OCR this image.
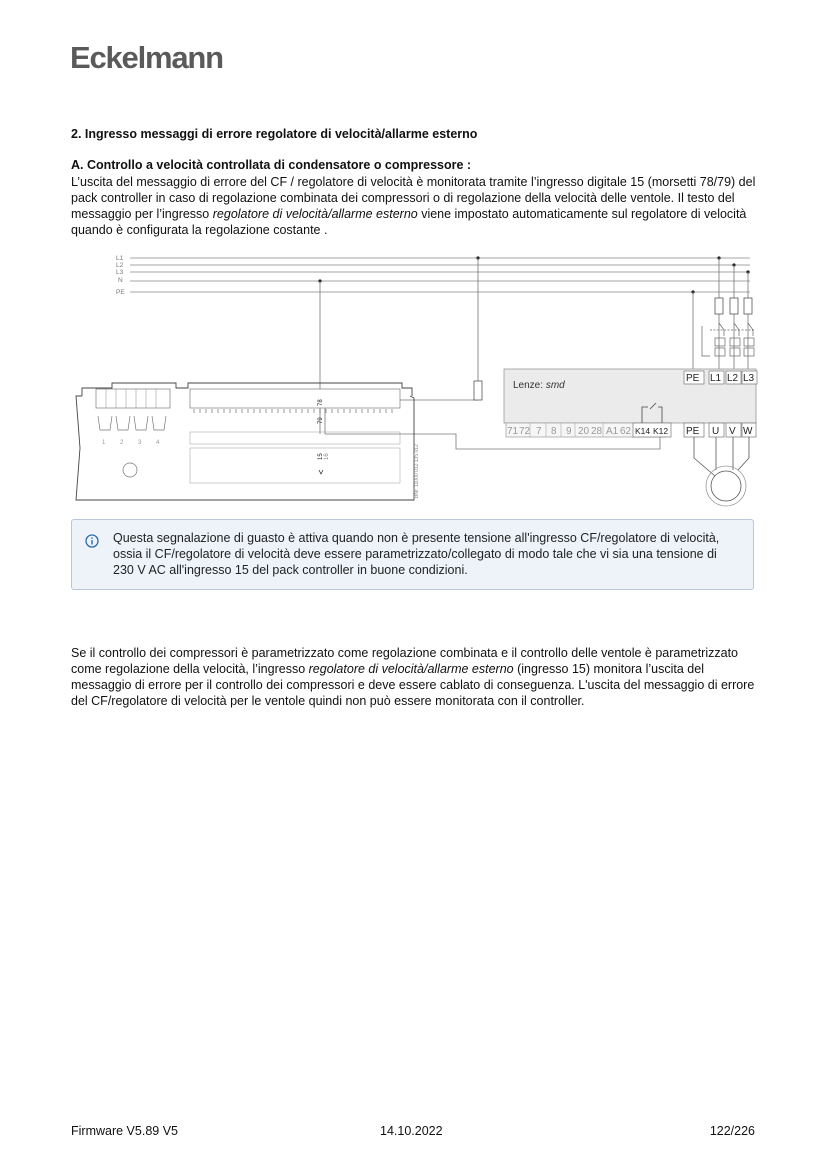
Eckelmann
2. Ingresso messaggi di errore regolatore di velocità/allarme esterno
A. Controllo a velocità controllata di condensatore o compressore :
L’uscita del messaggio di errore del CF / regolatore di velocità è monitorata tramite l’ingresso digitale 15 (morsetti 78/79) del pack controller in caso di regolazione combinata dei compressori o di regolazione della velocità delle ventole. Il testo del messaggio per l’ingresso regolatore di velocità/allarme esterno viene impostato automaticamente sul regolatore di velocità quando è configurata la regolazione costante .
L1
L2
L3
N
PE
Lenze: smd
PE L1 L2 L3
71 72 7 8 9 20 28 A1 62 K14 K12 PE U V W
1 2 3 4
78
79
15 16	BNr. 11000 012 135 012
Questa segnalazione di guasto è attiva quando non è presente tensione all'ingresso CF/regolatore di velocità, ossia il CF/regolatore di velocità deve essere parametrizzato/collegato di modo tale che vi sia una tensione di 230 V AC all'ingresso 15 del pack controller in buone condizioni.
Se il controllo dei compressori è parametrizzato come regolazione combinata e il controllo delle ventole è parametrizzato come regolazione della velocità, l’ingresso regolatore di velocità/allarme esterno (ingresso 15) monitora l’uscita del messaggio di errore per il controllo dei compressori e deve essere cablato di conseguenza. L'uscita del messaggio di errore del CF/regolatore di velocità per le ventole quindi non può essere monitorata con il controller.
Firmware V5.89 V5	14.10.2022	122/226
